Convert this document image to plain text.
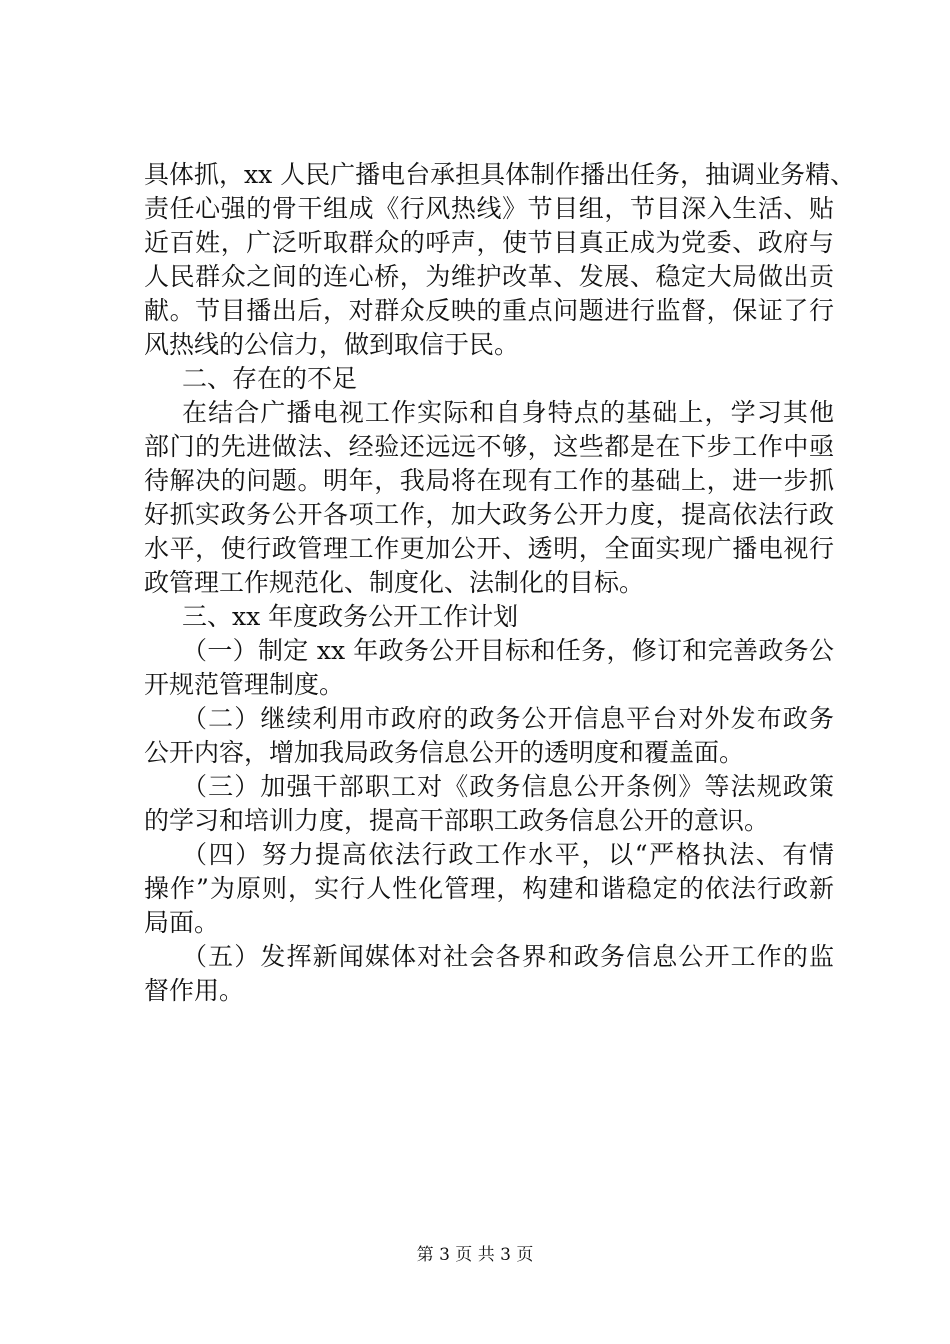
具体抓，xx 人民广播电台承担具体制作播出任务，抽调业务精、
责任心强的骨干组成《行风热线》节目组，节目深入生活、贴
近百姓，广泛听取群众的呼声，使节目真正成为党委、政府与
人民群众之间的连心桥，为维护改革、发展、稳定大局做出贡
献。节目播出后，对群众反映的重点问题进行监督，保证了行
风热线的公信力，做到取信于民。
二、存在的不足
在结合广播电视工作实际和自身特点的基础上，学习其他
部门的先进做法、经验还远远不够，这些都是在下步工作中亟
待解决的问题。明年，我局将在现有工作的基础上，进一步抓
好抓实政务公开各项工作，加大政务公开力度，提高依法行政
水平，使行政管理工作更加公开、透明，全面实现广播电视行
政管理工作规范化、制度化、法制化的目标。
三、xx 年度政务公开工作计划
（一）制定 xx 年政务公开目标和任务，修订和完善政务公
开规范管理制度。
（二）继续利用市政府的政务公开信息平台对外发布政务
公开内容，增加我局政务信息公开的透明度和覆盖面。
（三）加强干部职工对《政务信息公开条例》等法规政策
的学习和培训力度，提高干部职工政务信息公开的意识。
（四）努力提高依法行政工作水平，以“严格执法、有情
操作”为原则，实行人性化管理，构建和谐稳定的依法行政新
局面。
（五）发挥新闻媒体对社会各界和政务信息公开工作的监
督作用。
第 3 页 共 3 页
